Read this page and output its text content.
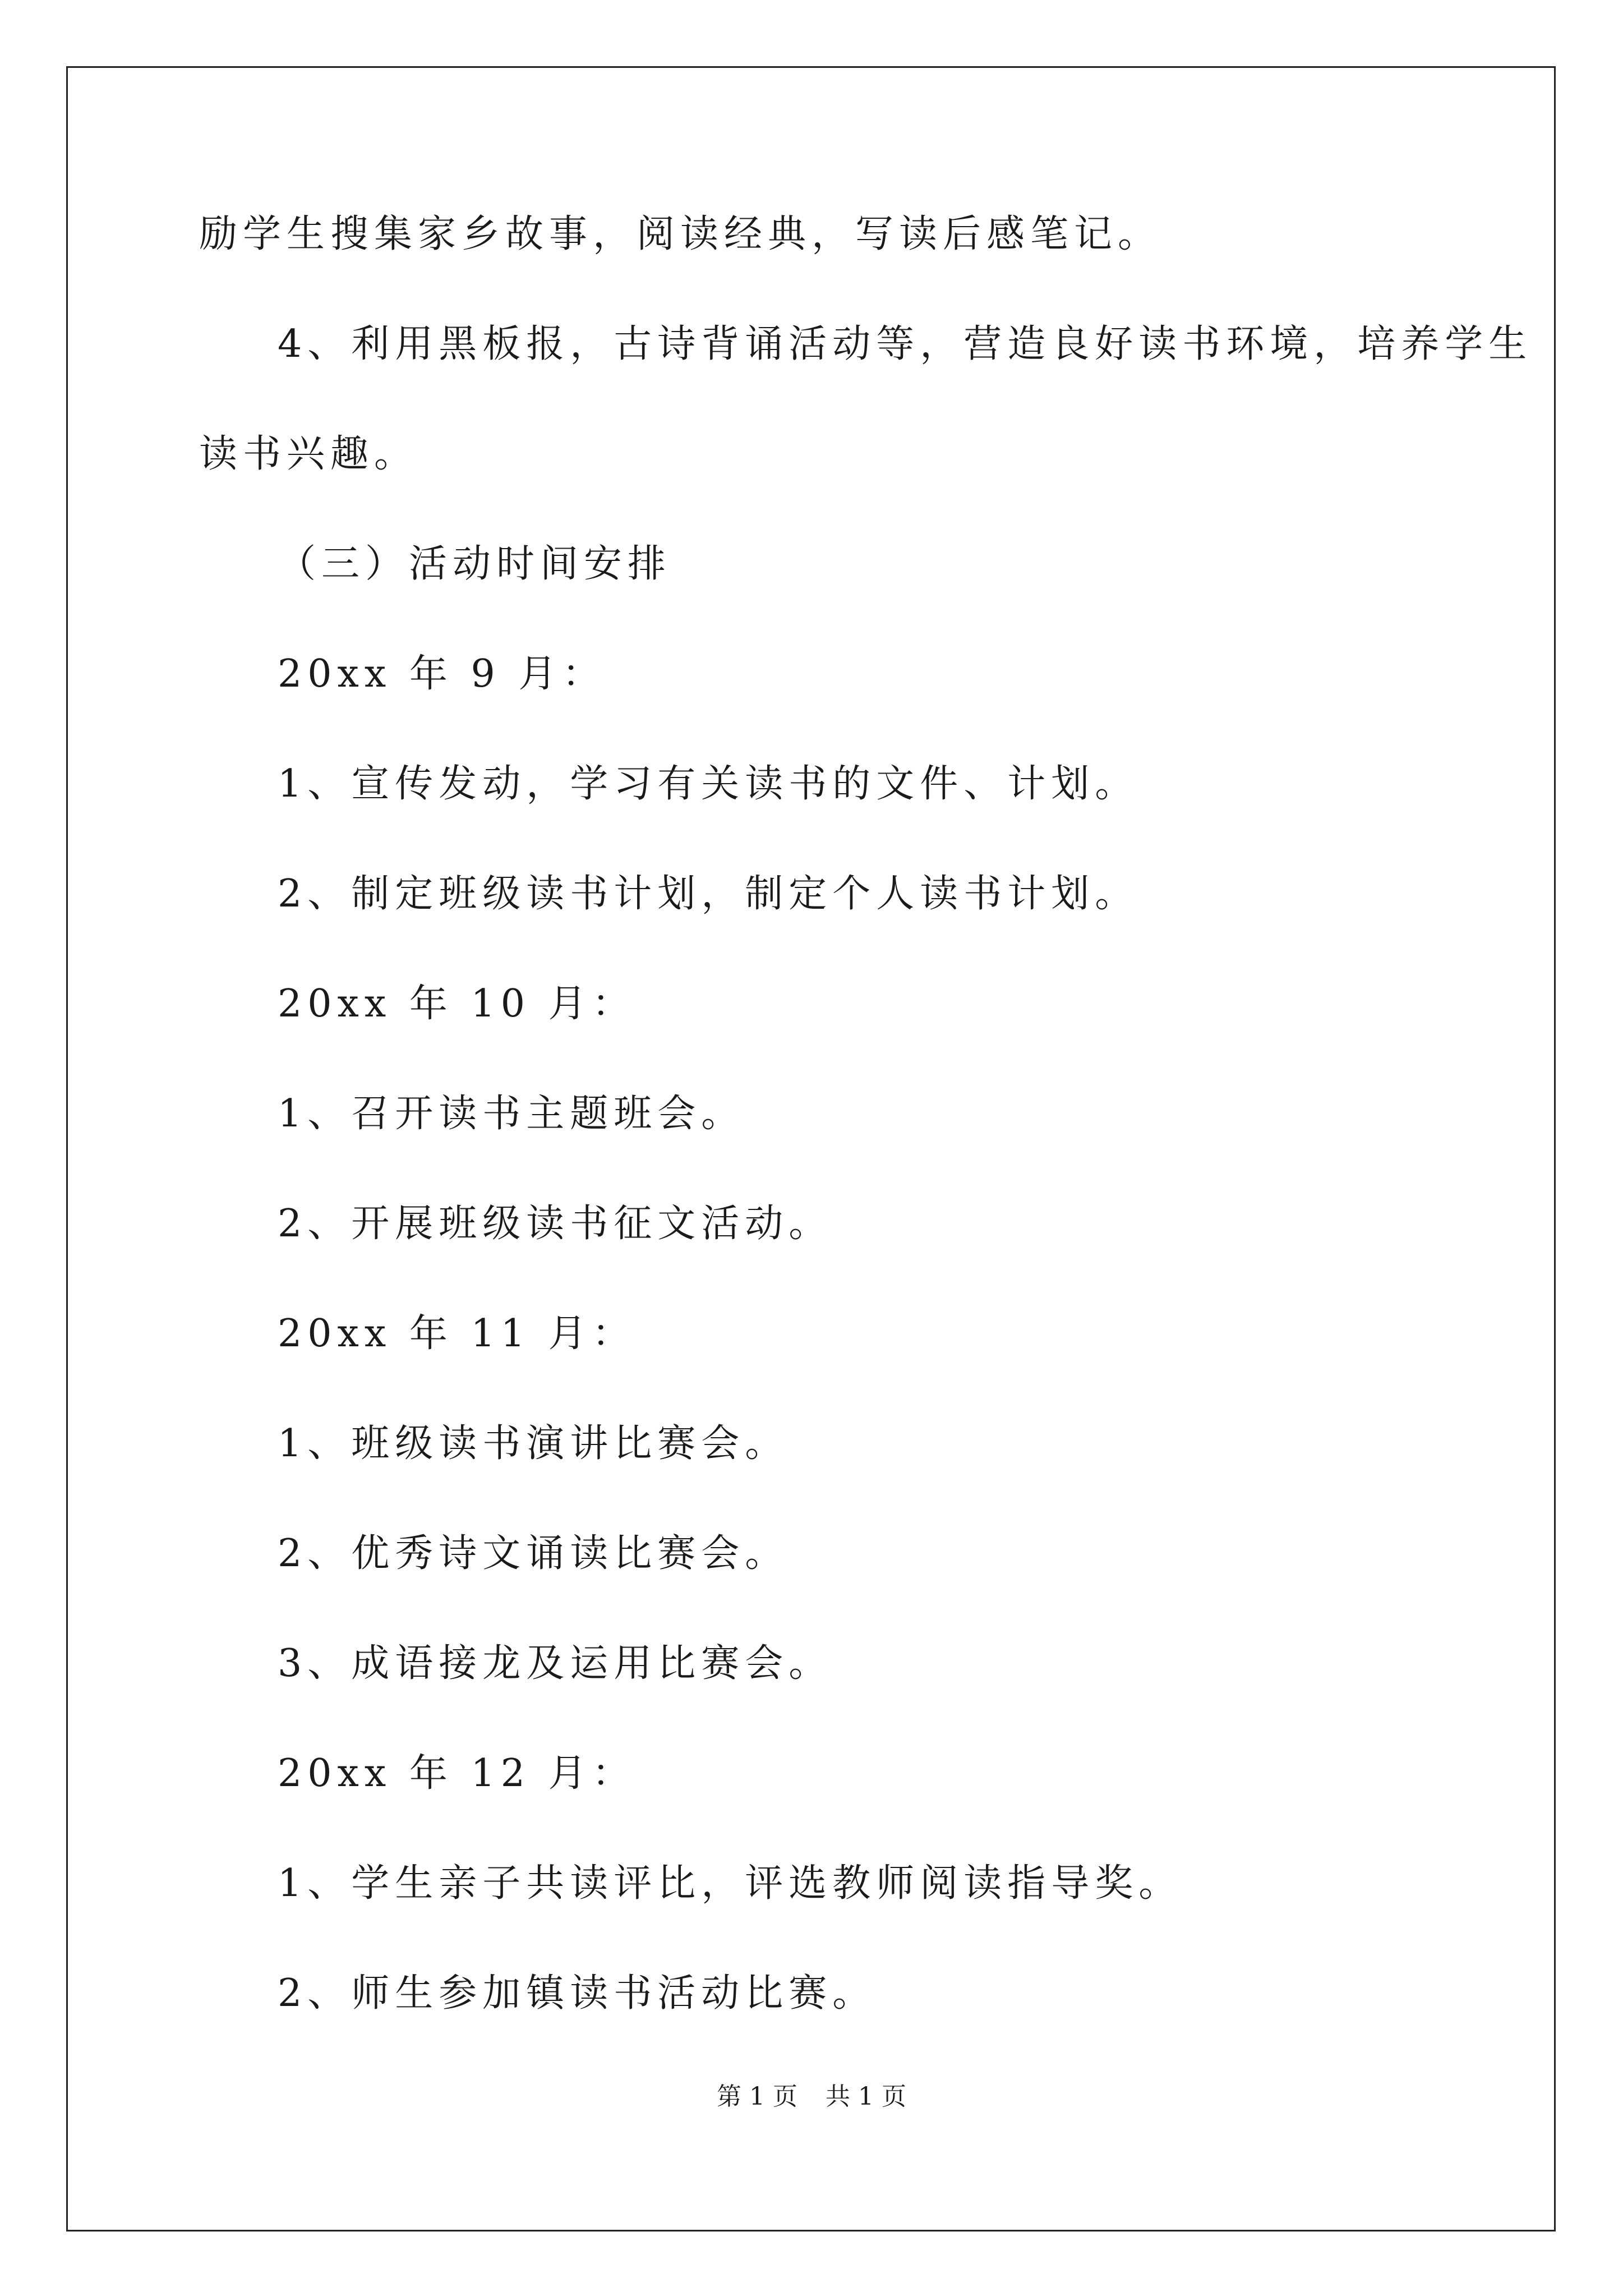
励学生搜集家乡故事，阅读经典，写读后感笔记。
4、利用黑板报，古诗背诵活动等，营造良好读书环境，培养学生
读书兴趣。
（三）活动时间安排
20xx 年 9 月：
1、宣传发动，学习有关读书的文件、计划。
2、制定班级读书计划，制定个人读书计划。
20xx 年 10 月：
1、召开读书主题班会。
2、开展班级读书征文活动。
20xx 年 11 月：
1、班级读书演讲比赛会。
2、优秀诗文诵读比赛会。
3、成语接龙及运用比赛会。
20xx 年 12 月：
1、学生亲子共读评比，评选教师阅读指导奖。
2、师生参加镇读书活动比赛。
第 1 页 共 1 页
